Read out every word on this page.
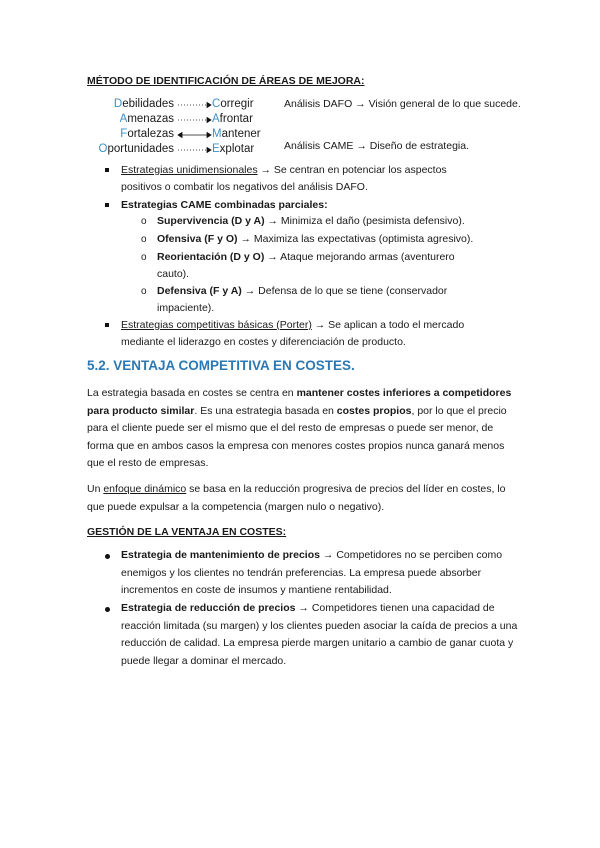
MÉTODO DE IDENTIFICACIÓN DE ÁREAS DE MEJORA:
Debilidades
Amenazas
Fortalezas
Oportunidades
Corregir
Afrontar
Mantener
Explotar
Análisis DAFO → Visión general de lo que sucede.
Análisis CAME → Diseño de estrategia.
Estrategias unidimensionales → Se centran en potenciar los aspectos
positivos o combatir los negativos del análisis DAFO.
Estrategias CAME combinadas parciales:
o Supervivencia (D y A) → Minimiza el daño (pesimista defensivo).
o Ofensiva (F y O) → Maximiza las expectativas (optimista agresivo).
o Reorientación (D y O) → Ataque mejorando armas (aventurero
cauto).
o Defensiva (F y A) → Defensa de lo que se tiene (conservador
impaciente).
Estrategias competitivas básicas (Porter) → Se aplican a todo el mercado
mediante el liderazgo en costes y diferenciación de producto.
5.2. VENTAJA COMPETITIVA EN COSTES.
La estrategia basada en costes se centra en mantener costes inferiores a competidores para producto similar. Es una estrategia basada en costes propios, por lo que el precio para el cliente puede ser el mismo que el del resto de empresas o puede ser menor, de forma que en ambos casos la empresa con menores costes propios nunca ganará menos que el resto de empresas.
Un enfoque dinámico se basa en la reducción progresiva de precios del líder en costes, lo que puede expulsar a la competencia (margen nulo o negativo).
GESTIÓN DE LA VENTAJA EN COSTES:
Estrategia de mantenimiento de precios → Competidores no se perciben como enemigos y los clientes no tendrán preferencias. La empresa puede absorber incrementos en coste de insumos y mantiene rentabilidad.
Estrategia de reducción de precios → Competidores tienen una capacidad de reacción limitada (su margen) y los clientes pueden asociar la caída de precios a una reducción de calidad. La empresa pierde margen unitario a cambio de ganar cuota y puede llegar a dominar el mercado.
